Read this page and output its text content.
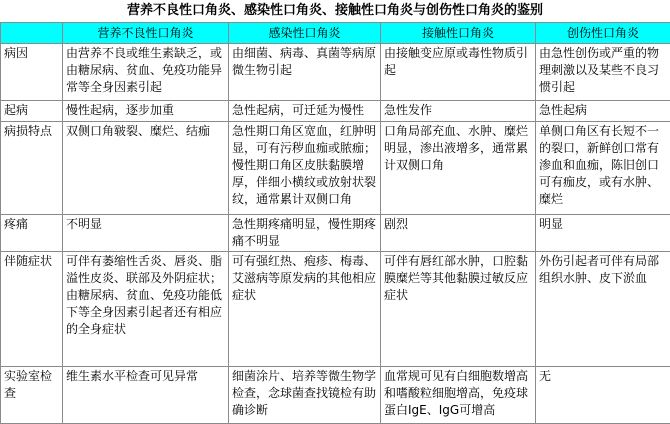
营养不良性口角炎、感染性口角炎、接触性口角炎与创伤性口角炎的鉴别
	营养不良性口角炎	感染性口角炎	接触性口角炎	创伤性口角炎
病因	由营养不良或维生素缺乏，或由糖尿病、贫血、免疫功能异常等全身因素引起	由细菌、病毒、真菌等病原微生物引起	由接触变应原或毒性物质引起	由急性创伤或严重的物理刺激以及某些不良习惯引起
起病	慢性起病，逐步加重	急性起病，可迁延为慢性	急性发作	急性起病
病损特点	双侧口角皲裂、糜烂、结痂	急性期口角区宽血，红肿明显，可有污秽血痂或脓痂；慢性期口角区皮肤黏膜增厚，伴细小横纹或放射状裂纹，通常累计双侧口角	口角局部充血、水肿、糜烂明显，渗出液增多，通常累计双侧口角	单侧口角区有长短不一的裂口，新鲜创口常有渗血和血痂，陈旧创口可有痂皮，或有水肿、糜烂
疼痛	不明显	急性期疼痛明显，慢性期疼痛不明显	剧烈	明显
伴随症状	可伴有萎缩性舌炎、唇炎、脂溢性皮炎、联部及外阴症状；由糖尿病、贫血、免疫功能低下等全身因素引起者还有相应的全身症状	可有强红热、疱疹、梅毒、艾滋病等原发病的其他相应症状	可伴有唇红部水肿，口腔黏膜糜烂等其他黏膜过敏反应症状	外伤引起者可伴有局部组织水肿、皮下淤血
实验室检查	维生素水平检查可见异常	细菌涂片、培养等微生物学检查，念球菌查找镜检有助确诊断	血常规可见有白细胞数增高和嗜酸粒细胞增高，免疫球蛋白IgE、IgG可增高	无
